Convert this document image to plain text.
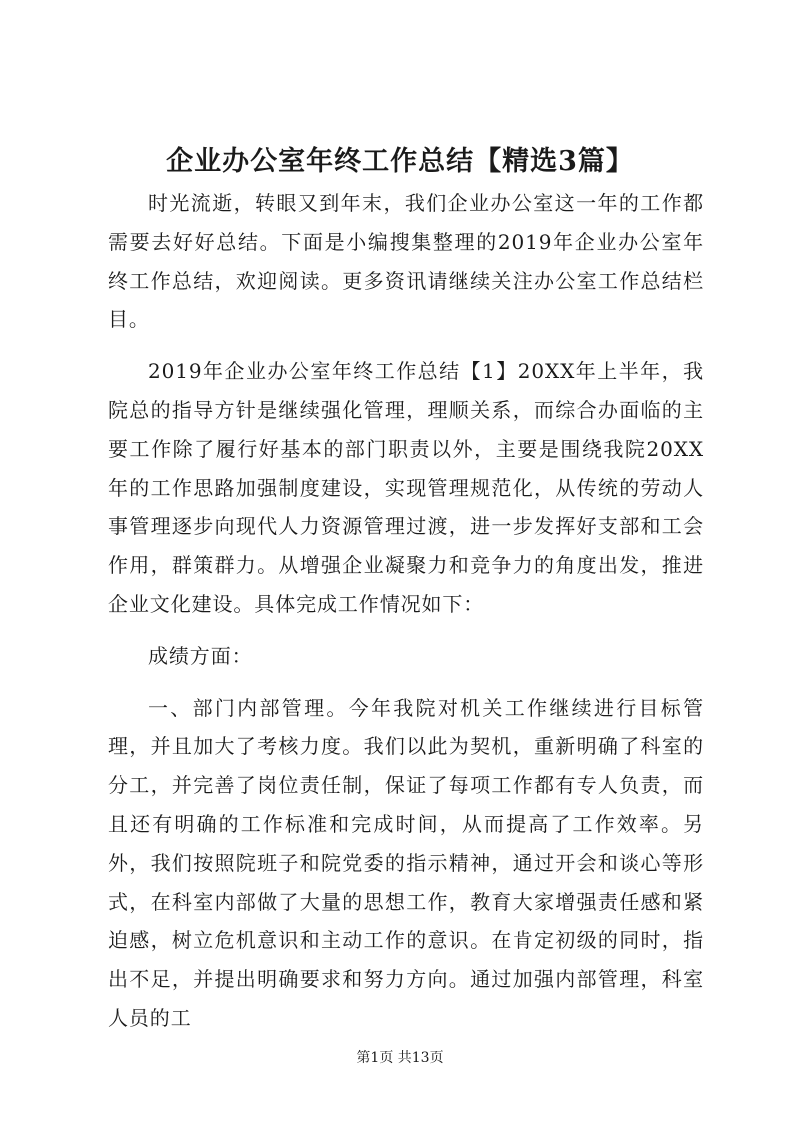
企业办公室年终工作总结【精选3篇】

时光流逝，转眼又到年末，我们企业办公室这一年的工作都需要去好好总结。下面是小编搜集整理的2019年企业办公室年终工作总结，欢迎阅读。更多资讯请继续关注办公室工作总结栏目。

2019年企业办公室年终工作总结【1】20XX年上半年，我院总的指导方针是继续强化管理，理顺关系，而综合办面临的主要工作除了履行好基本的部门职责以外，主要是围绕我院20XX年的工作思路加强制度建设，实现管理规范化，从传统的劳动人事管理逐步向现代人力资源管理过渡，进一步发挥好支部和工会作用，群策群力。从增强企业凝聚力和竞争力的角度出发，推进企业文化建设。具体完成工作情况如下：

成绩方面：

一、部门内部管理。今年我院对机关工作继续进行目标管理，并且加大了考核力度。我们以此为契机，重新明确了科室的分工，并完善了岗位责任制，保证了每项工作都有专人负责，而且还有明确的工作标准和完成时间，从而提高了工作效率。另外，我们按照院班子和院党委的指示精神，通过开会和谈心等形式，在科室内部做了大量的思想工作，教育大家增强责任感和紧迫感，树立危机意识和主动工作的意识。在肯定初级的同时，指出不足，并提出明确要求和努力方向。通过加强内部管理，科室人员的工

第1页 共13页
